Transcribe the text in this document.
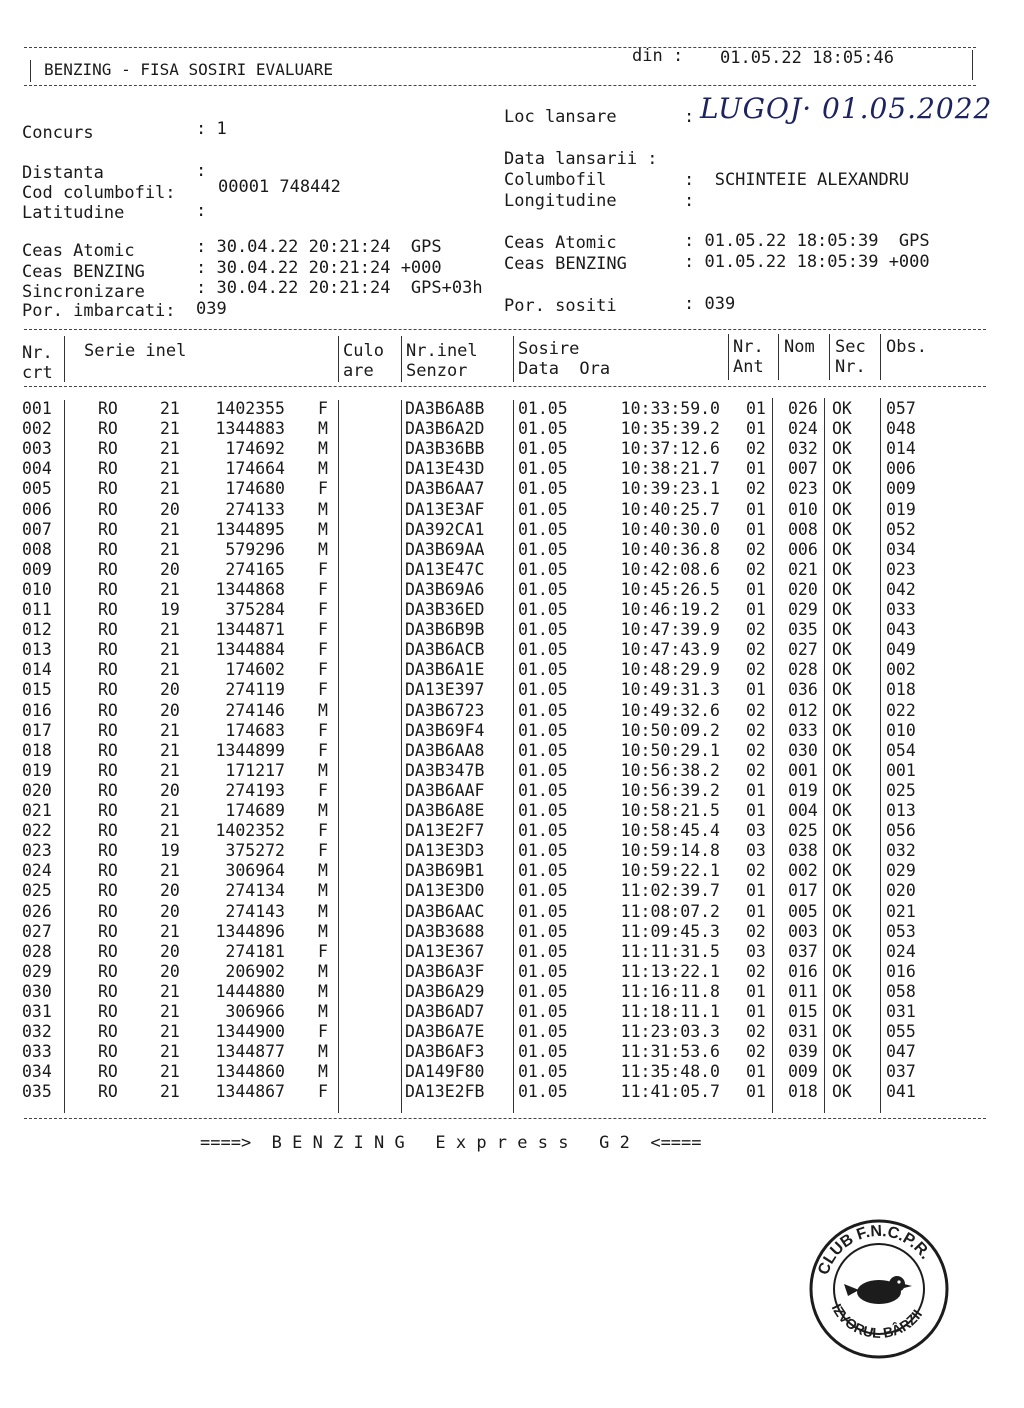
BENZING - FISA SOSIRI EVALUARE
din : 01.05.22 18:05:46
Concurs	: 1
Distanta	:
Cod columbofil: 00001 748442
Latitudine	:
Ceas Atomic	: 30.04.22 20:21:24  GPS
Ceas BENZING	: 30.04.22 20:21:24 +000
Sincronizare	: 30.04.22 20:21:24  GPS+03h
Por. imbarcati: 039
Loc lansare	: LUGOJ· 01.05.2022
Data lansarii :
Columbofil	:  SCHINTEIE ALEXANDRU
Longitudine	:
Ceas Atomic	: 01.05.22 18:05:39  GPS
Ceas BENZING	: 01.05.22 18:05:39 +000
Por. sositi	: 039
Nr.
crt
Serie inel	Culo
are
Nr.inel
Senzor
Sosire
Data  Ora
Nr.
Ant
Nom Sec
Nr.
Obs.
001	RO	21	1402355 F	DA3B6A8B	01.05	10:33:59.0 01	026 OK	057
002	RO	21	1344883 M	DA3B6A2D	01.05	10:35:39.2 01	024 OK	048
003	RO	21	174692 M	DA3B36BB	01.05	10:37:12.6 02	032 OK	014
004	RO	21	174664 M	DA13E43D	01.05	10:38:21.7 01	007 OK	006
005	RO	21	174680 F	DA3B6AA7	01.05	10:39:23.1 02	023 OK	009
006	RO	20	274133 M	DA13E3AF	01.05	10:40:25.7 01	010 OK	019
007	RO	21	1344895 M	DA392CA1	01.05	10:40:30.0 01	008 OK	052
008	RO	21	579296 M	DA3B69AA	01.05	10:40:36.8 02	006 OK	034
009	RO	20	274165 F	DA13E47C	01.05	10:42:08.6 02	021 OK	023
010	RO	21	1344868 F	DA3B69A6	01.05	10:45:26.5 01	020 OK	042
011	RO	19	375284 F	DA3B36ED	01.05	10:46:19.2 01	029 OK	033
012	RO	21	1344871 F	DA3B6B9B	01.05	10:47:39.9 02	035 OK	043
013	RO	21	1344884 F	DA3B6ACB	01.05	10:47:43.9 02	027 OK	049
014	RO	21	174602 F	DA3B6A1E	01.05	10:48:29.9 02	028 OK	002
015	RO	20	274119 F	DA13E397	01.05	10:49:31.3 01	036 OK	018
016	RO	20	274146 M	DA3B6723	01.05	10:49:32.6 02	012 OK	022
017	RO	21	174683 F	DA3B69F4	01.05	10:50:09.2 02	033 OK	010
018	RO	21	1344899 F	DA3B6AA8	01.05	10:50:29.1 02	030 OK	054
019	RO	21	171217 M	DA3B347B	01.05	10:56:38.2 02	001 OK	001
020	RO	20	274193 F	DA3B6AAF	01.05	10:56:39.2 01	019 OK	025
021	RO	21	174689 M	DA3B6A8E	01.05	10:58:21.5 01	004 OK	013
022	RO	21	1402352 F	DA13E2F7	01.05	10:58:45.4 03	025 OK	056
023	RO	19	375272 F	DA13E3D3	01.05	10:59:14.8 03	038 OK	032
024	RO	21	306964 M	DA3B69B1	01.05	10:59:22.1 02	002 OK	029
025	RO	20	274134 M	DA13E3D0	01.05	11:02:39.7 01	017 OK	020
026	RO	20	274143 M	DA3B6AAC	01.05	11:08:07.2 01	005 OK	021
027	RO	21	1344896 M	DA3B3688	01.05	11:09:45.3 02	003 OK	053
028	RO	20	274181 F	DA13E367	01.05	11:11:31.5 03	037 OK	024
029	RO	20	206902 M	DA3B6A3F	01.05	11:13:22.1 02	016 OK	016
030	RO	21	1444880 M	DA3B6A29	01.05	11:16:11.8 01	011 OK	058
031	RO	21	306966 M	DA3B6AD7	01.05	11:18:11.1 01	015 OK	031
032	RO	21	1344900 F	DA3B6A7E	01.05	11:23:03.3 02	031 OK	055
033	RO	21	1344877 M	DA3B6AF3	01.05	11:31:53.6 02	039 OK	047
034	RO	21	1344860 M	DA149F80	01.05	11:35:48.0 01	009 OK	037
035	RO	21	1344867 F	DA13E2FB	01.05	11:41:05.7 01	018 OK	041
====>  B E N Z I N G   E x p r e s s   G 2  <====

CLUB F.N.C.P.R.
IZVORUL BÂRZII
